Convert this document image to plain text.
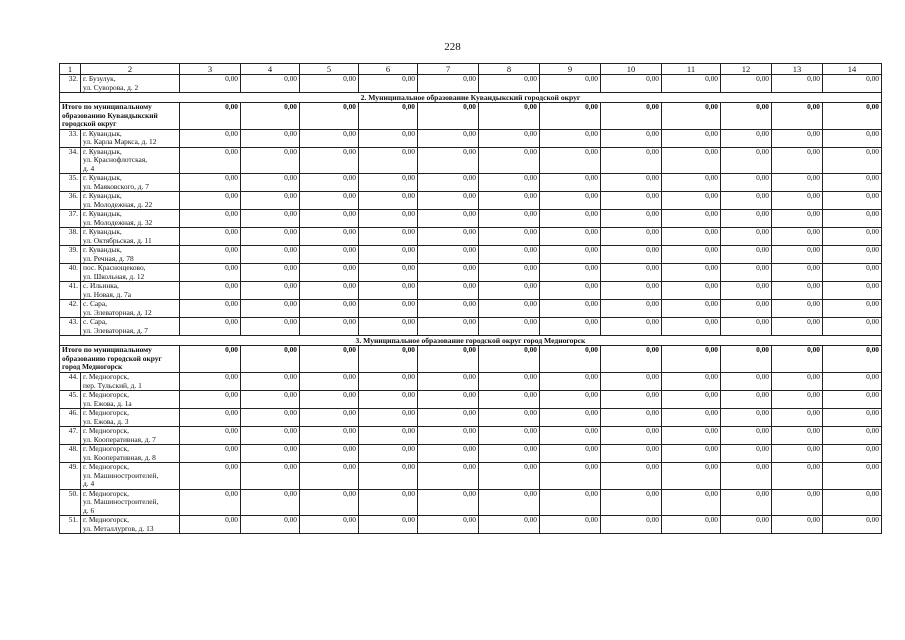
228
1	2	3	4	5	6	7	8	9	10	11	12	13	14
32.	г. Бузулук,
ул. Суворова, д. 2	0,00	0,00	0,00	0,00	0,00	0,00	0,00	0,00	0,00	0,00	0,00	0,00
2. Муниципальное образование Кувандыкский городской округ													

Итого по муниципальному
образованию Кувандыкский
городской округ		0,00	0,00	0,00	0,00	0,00	0,00	0,00	0,00	0,00	0,00	0,00	0,00
33.	г. Кувандык,
ул. Карла Маркса, д. 12	0,00	0,00	0,00	0,00	0,00	0,00	0,00	0,00	0,00	0,00	0,00	0,00
34.	г. Кувандык,
ул. Краснофлотская,
д. 4	0,00	0,00	0,00	0,00	0,00	0,00	0,00	0,00	0,00	0,00	0,00	0,00
35.	г. Кувандык,
ул. Маяковского, д. 7	0,00	0,00	0,00	0,00	0,00	0,00	0,00	0,00	0,00	0,00	0,00	0,00
36.	г. Кувандык,
ул. Молодежная, д. 22	0,00	0,00	0,00	0,00	0,00	0,00	0,00	0,00	0,00	0,00	0,00	0,00
37.	г. Кувандык,
ул. Молодежная, д. 32	0,00	0,00	0,00	0,00	0,00	0,00	0,00	0,00	0,00	0,00	0,00	0,00
38.	г. Кувандык,
ул. Октябрьская, д. 11	0,00	0,00	0,00	0,00	0,00	0,00	0,00	0,00	0,00	0,00	0,00	0,00
39.	г. Кувандык,
ул. Речная, д. 78	0,00	0,00	0,00	0,00	0,00	0,00	0,00	0,00	0,00	0,00	0,00	0,00
40.	пос. Краснощеково,
ул. Школьная, д. 12	0,00	0,00	0,00	0,00	0,00	0,00	0,00	0,00	0,00	0,00	0,00	0,00
41.	с. Ильинка,
ул. Новая, д. 7а	0,00	0,00	0,00	0,00	0,00	0,00	0,00	0,00	0,00	0,00	0,00	0,00
42.	с. Сара,
ул. Элеваторная, д. 12	0,00	0,00	0,00	0,00	0,00	0,00	0,00	0,00	0,00	0,00	0,00	0,00
43.	с. Сара,
ул. Элеваторная, д. 7	0,00	0,00	0,00	0,00	0,00	0,00	0,00	0,00	0,00	0,00	0,00	0,00
3. Муниципальное образование городской округ город Медногорск													

Итого по муниципальному
образованию городской округ
город Медногорск		0,00	0,00	0,00	0,00	0,00	0,00	0,00	0,00	0,00	0,00	0,00	0,00
44.	г. Медногорск,
пер. Тульский, д. 1	0,00	0,00	0,00	0,00	0,00	0,00	0,00	0,00	0,00	0,00	0,00	0,00
45.	г. Медногорск,
ул. Ежова, д. 1а	0,00	0,00	0,00	0,00	0,00	0,00	0,00	0,00	0,00	0,00	0,00	0,00
46.	г. Медногорск,
ул. Ежова, д. 3	0,00	0,00	0,00	0,00	0,00	0,00	0,00	0,00	0,00	0,00	0,00	0,00
47.	г. Медногорск,
ул. Кооперативная, д. 7	0,00	0,00	0,00	0,00	0,00	0,00	0,00	0,00	0,00	0,00	0,00	0,00
48.	г. Медногорск,
ул. Кооперативная, д. 8	0,00	0,00	0,00	0,00	0,00	0,00	0,00	0,00	0,00	0,00	0,00	0,00
49.	г. Медногорск,
ул. Машиностроителей,
д. 4	0,00	0,00	0,00	0,00	0,00	0,00	0,00	0,00	0,00	0,00	0,00	0,00
50.	г. Медногорск,
ул. Машиностроителей,
д. 6	0,00	0,00	0,00	0,00	0,00	0,00	0,00	0,00	0,00	0,00	0,00	0,00
51.	г. Медногорск,
ул. Металлургов, д. 13	0,00	0,00	0,00	0,00	0,00	0,00	0,00	0,00	0,00	0,00	0,00	0,00
